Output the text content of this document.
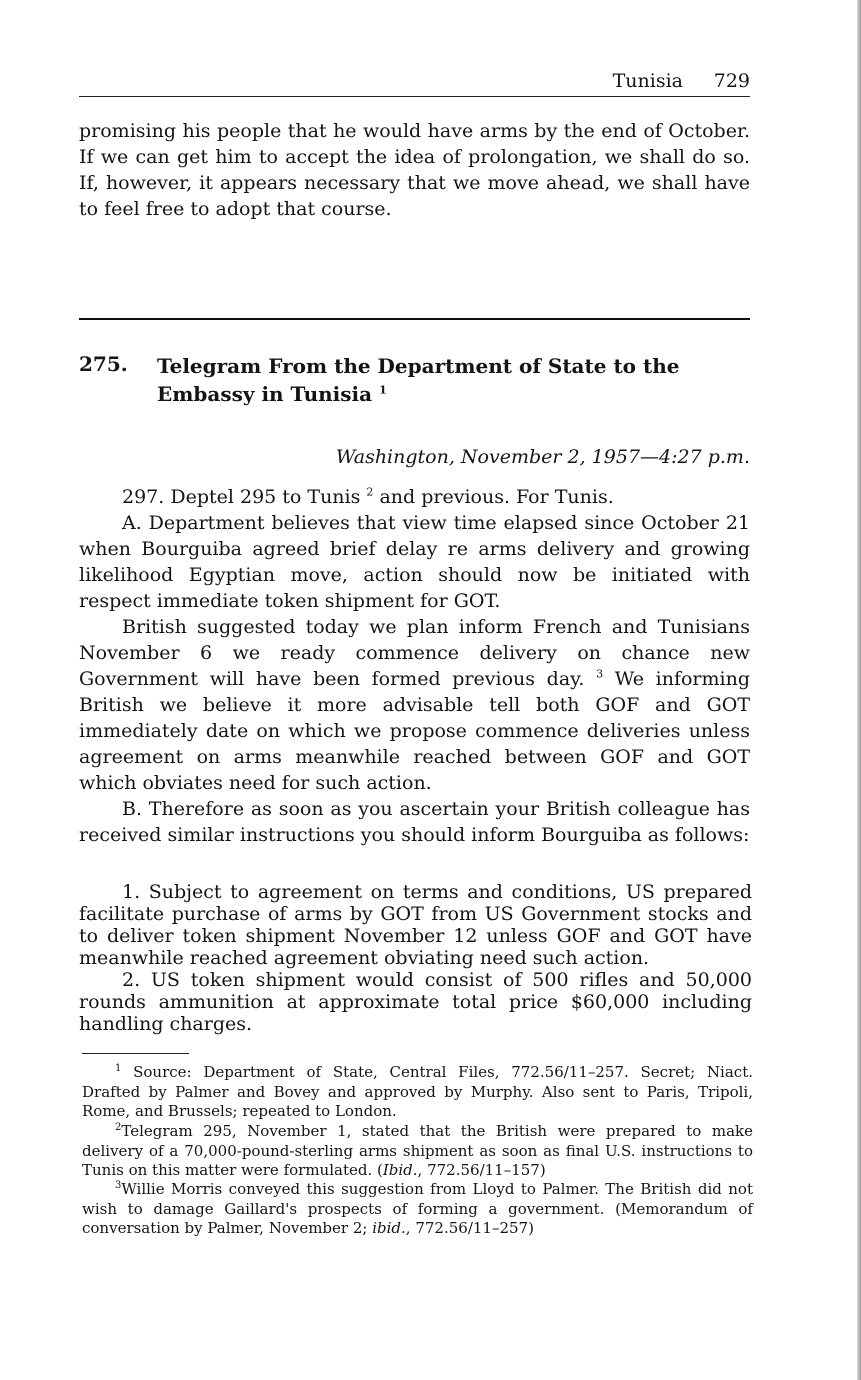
Tunisia 729

promising his people that he would have arms by the end of October. If we can get him to accept the idea of prolongation, we shall do so. If, however, it appears necessary that we move ahead, we shall have to feel free to adopt that course.

275. Telegram From the Department of State to the Embassy in Tunisia $^1$

Washington, November 2, 1957—4:27 p.m.

297. Deptel 295 to Tunis $^2$ and previous. For Tunis.

A. Department believes that view time elapsed since October 21 when Bourguiba agreed brief delay re arms delivery and growing likelihood Egyptian move, action should now be initiated with respect immediate token shipment for GOT.

British suggested today we plan inform French and Tunisians November 6 we ready commence delivery on chance new Government will have been formed previous day. $^3$ We informing British we believe it more advisable tell both GOF and GOT immediately date on which we propose commence deliveries unless agreement on arms meanwhile reached between GOF and GOT which obviates need for such action.

B. Therefore as soon as you ascertain your British colleague has received similar instructions you should inform Bourguiba as follows:

1. Subject to agreement on terms and conditions, US prepared facilitate purchase of arms by GOT from US Government stocks and to deliver token shipment November 12 unless GOF and GOT have meanwhile reached agreement obviating need such action.

2. US token shipment would consist of 500 rifles and 50,000 rounds ammunition at approximate total price $60,000 including handling charges.

$^1$ Source: Department of State, Central Files, 772.56/11–257. Secret; Niact. Drafted by Palmer and Bovey and approved by Murphy. Also sent to Paris, Tripoli, Rome, and Brussels; repeated to London.

$^2$Telegram 295, November 1, stated that the British were prepared to make delivery of a 70,000-pound-sterling arms shipment as soon as final U.S. instructions to Tunis on this matter were formulated. (Ibid., 772.56/11–157)

$^3$Willie Morris conveyed this suggestion from Lloyd to Palmer. The British did not wish to damage Gaillard's prospects of forming a government. (Memorandum of conversation by Palmer, November 2; ibid., 772.56/11–257)
